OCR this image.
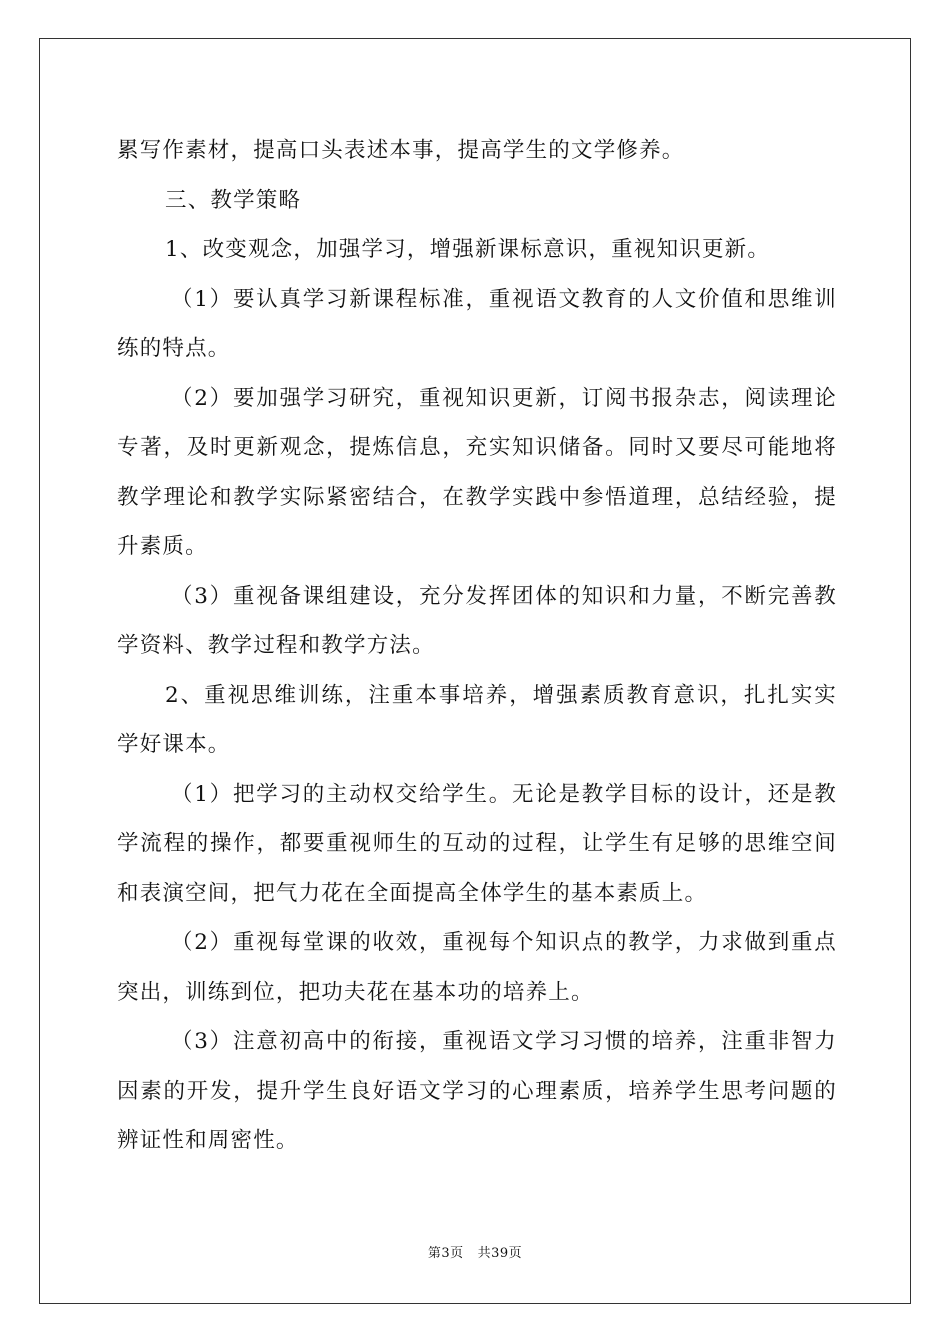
累写作素材，提高口头表述本事，提高学生的文学修养。

三、教学策略

1、改变观念，加强学习，增强新课标意识，重视知识更新。

（1）要认真学习新课程标准，重视语文教育的人文价值和思维训练的特点。

（2）要加强学习研究，重视知识更新，订阅书报杂志，阅读理论专著，及时更新观念，提炼信息，充实知识储备。同时又要尽可能地将教学理论和教学实际紧密结合，在教学实践中参悟道理，总结经验，提升素质。

（3）重视备课组建设，充分发挥团体的知识和力量，不断完善教学资料、教学过程和教学方法。

2、重视思维训练，注重本事培养，增强素质教育意识，扎扎实实学好课本。

（1）把学习的主动权交给学生。无论是教学目标的设计，还是教学流程的操作，都要重视师生的互动的过程，让学生有足够的思维空间和表演空间，把气力花在全面提高全体学生的基本素质上。

（2）重视每堂课的收效，重视每个知识点的教学，力求做到重点突出，训练到位，把功夫花在基本功的培养上。

（3）注意初高中的衔接，重视语文学习习惯的培养，注重非智力因素的开发，提升学生良好语文学习的心理素质，培养学生思考问题的辨证性和周密性。

第3页 共39页
